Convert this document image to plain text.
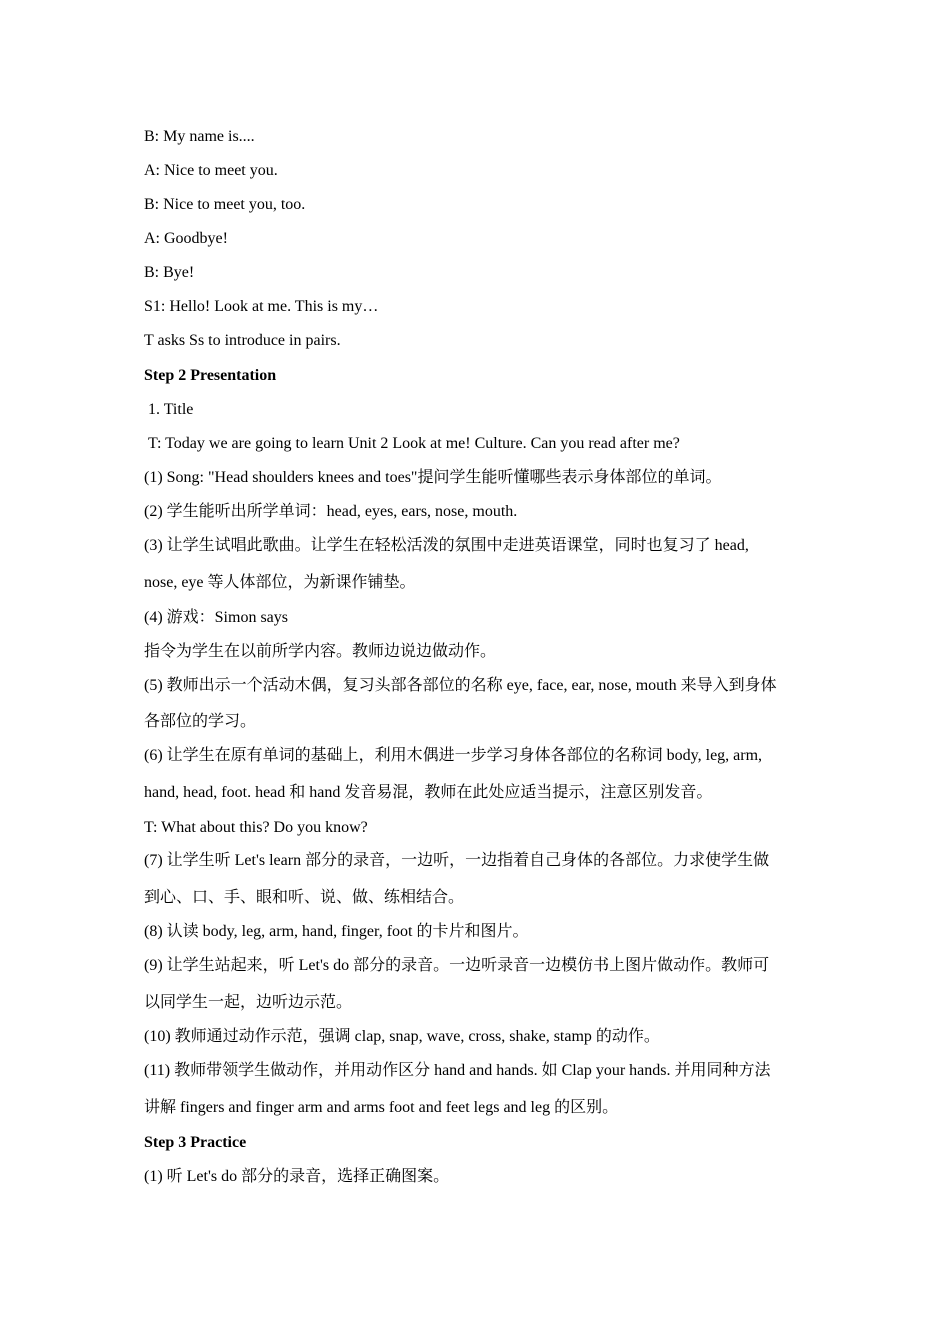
B: My name is....
A: Nice to meet you.
B: Nice to meet you, too.
A: Goodbye!
B: Bye!
S1: Hello! Look at me. This is my…
T asks Ss to introduce in pairs.
Step 2 Presentation
1. Title
T: Today we are going to learn Unit 2 Look at me! Culture. Can you read after me?
(1) Song: "Head shoulders knees and toes"提问学生能听懂哪些表示身体部位的单词。
(2) 学生能听出所学单词：head, eyes, ears, nose, mouth.
(3) 让学生试唱此歌曲。让学生在轻松活泼的氛围中走进英语课堂，同时也复习了 head,
nose, eye 等人体部位，为新课作铺垫。
(4) 游戏：Simon says
指令为学生在以前所学内容。教师边说边做动作。
(5) 教师出示一个活动木偶，复习头部各部位的名称 eye, face, ear, nose, mouth 来导入到身体
各部位的学习。
(6) 让学生在原有单词的基础上，利用木偶进一步学习身体各部位的名称词 body, leg, arm,
hand, head, foot. head 和 hand 发音易混，教师在此处应适当提示，注意区别发音。
T: What about this? Do you know?
(7) 让学生听 Let's learn 部分的录音，一边听，一边指着自己身体的各部位。力求使学生做
到心、口、手、眼和听、说、做、练相结合。
(8) 认读 body, leg, arm, hand, finger, foot 的卡片和图片。
(9) 让学生站起来，听 Let's do 部分的录音。一边听录音一边模仿书上图片做动作。教师可
以同学生一起，边听边示范。
(10) 教师通过动作示范，强调 clap, snap, wave, cross, shake, stamp 的动作。
(11) 教师带领学生做动作，并用动作区分 hand and hands. 如 Clap your hands. 并用同种方法
讲解 fingers and finger arm and arms foot and feet legs and leg 的区别。
Step 3 Practice
(1) 听 Let's do 部分的录音，选择正确图案。
